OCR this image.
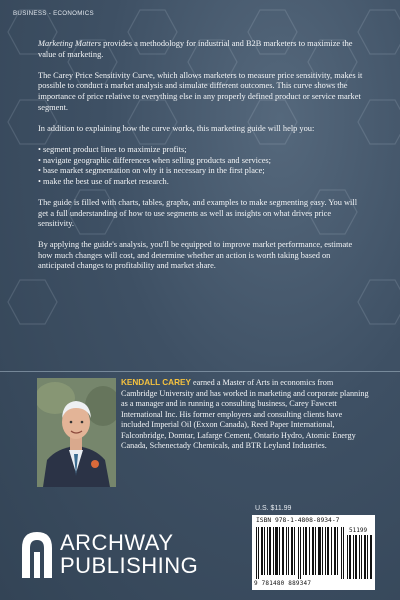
BUSINESS - ECONOMICS

Marketing Matters provides a methodology for industrial and B2B marketers to maximize the value of marketing.

The Carey Price Sensitivity Curve, which allows marketers to measure price sensitivity, makes it possible to conduct a market analysis and simulate different outcomes. This curve shows the importance of price relative to everything else in any properly defined product or service market segment.

In addition to explaining how the curve works, this marketing guide will help you:

• segment product lines to maximize profits;
• navigate geographic differences when selling products and services;
• base market segmentation on why it is necessary in the first place;
• make the best use of market research.

The guide is filled with charts, tables, graphs, and examples to make segmenting easy. You will get a full understanding of how to use segments as well as insights on what drives price sensitivity.

By applying the guide's analysis, you'll be equipped to improve market performance, estimate how much changes will cost, and determine whether an action is worth taking based on anticipated changes to profitability and market share.

KENDALL CAREY earned a Master of Arts in economics from Cambridge University and has worked in marketing and corporate planning as a manager and in running a consulting business, Carey Fawcett International Inc. His former employers and consulting clients have included Imperial Oil (Exxon Canada), Reed Paper International, Falconbridge, Domtar, Lafarge Cement, Ontario Hydro, Atomic Energy Canada, Schenectady Chemicals, and BTR Leyland Industries.
ARCHWAY
PUBLISHING
U.S. $11.99
ISBN 978-1-4808-8934-7
51199
9 781480 889347
